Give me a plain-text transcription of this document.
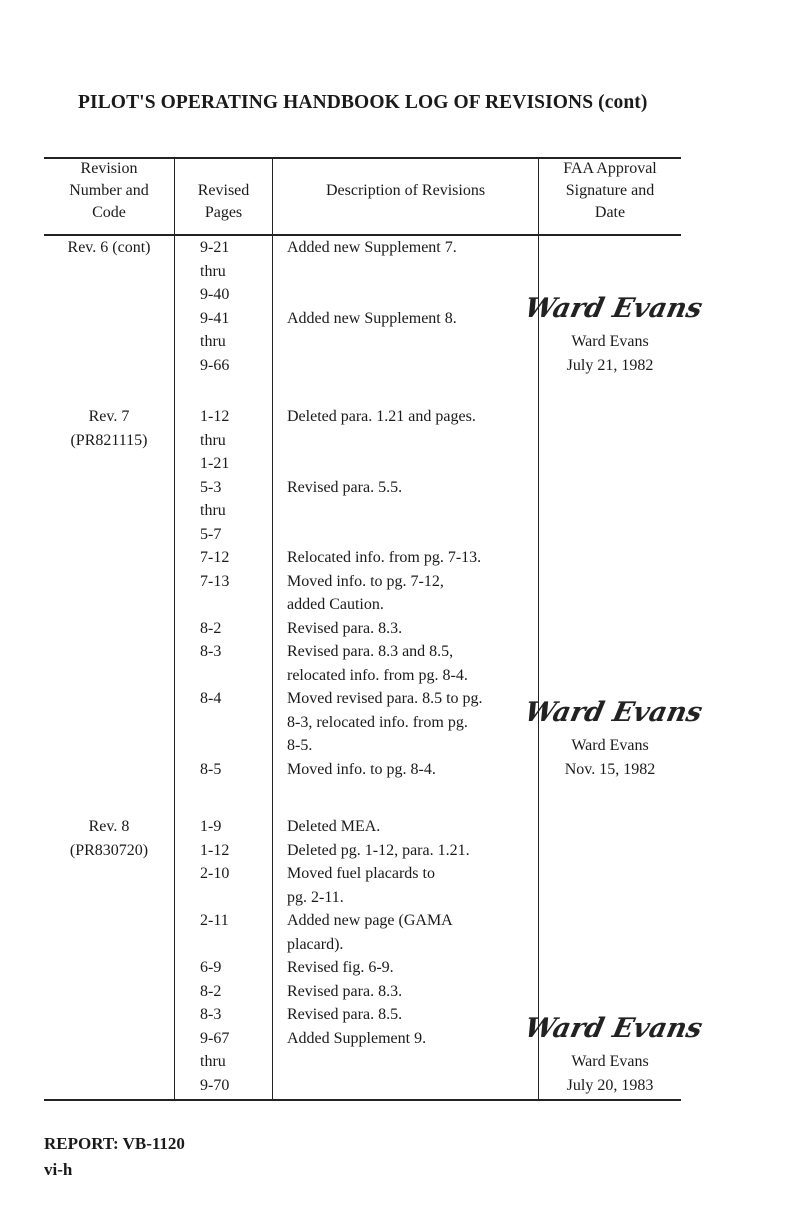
PILOT'S OPERATING HANDBOOK LOG OF REVISIONS (cont)
Revision
Number and
Code
Revised
Pages
Description of Revisions
FAA Approval
Signature and
Date
Rev. 6 (cont)	9-21
thru
9-40
9-41
thru
9-66
Added new Supplement 7.
Added new Supplement 8. Ward Evans
Ward Evans
July 21, 1982
Rev. 7
(PR821115)
1-12
thru
1-21
5-3
thru
5-7
7-12
7-13
8-2
8-3
8-4
8-5
Deleted para. 1.21 and pages.
Revised para. 5.5.
Relocated info. from pg. 7-13.
Moved info. to pg. 7-12,
added Caution.
Revised para. 8.3.
Revised para. 8.3 and 8.5,
relocated info. from pg. 8-4.
Moved revised para. 8.5 to pg.
8-3, relocated info. from pg.
8-5.
Moved info. to pg. 8-4.
Ward Evans
Ward Evans
Nov. 15, 1982
Rev. 8
(PR830720)
1-9
1-12
2-10
2-11
6-9
8-2
8-3
9-67
thru
9-70
Deleted MEA.
Deleted pg. 1-12, para. 1.21.
Moved fuel placards to
pg. 2-11.
Added new page (GAMA
placard).
Revised fig. 6-9.
Revised para. 8.3.
Revised para. 8.5.
Added Supplement 9.	Ward Evans
Ward Evans
July 20, 1983
REPORT: VB-1120
vi-h
